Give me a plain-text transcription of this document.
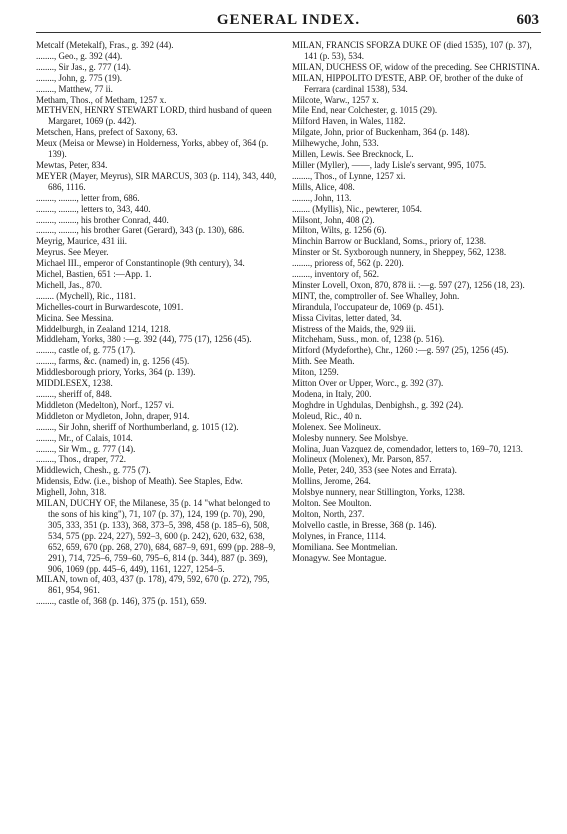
GENERAL INDEX.	603

Metcalf (Metekalf), Fras., g. 392 (44).

........, Geo., g. 392 (44).

........, Sir Jas., g. 777 (14).

........, John, g. 775 (19).

........, Matthew, 77 ii.

Metham, Thos., of Metham, 1257 x.

METHVEN, HENRY STEWART LORD, third husband of queen Margaret, 1069 (p. 442).

Metschen, Hans, prefect of Saxony, 63.

Meux (Meisa or Mewse) in Holderness, Yorks, abbey of, 364 (p. 139).

Mewtas, Peter, 834.

MEYER (Mayer, Meyrus), SIR MARCUS, 303 (p. 114), 343, 440, 686, 1116.

........, ........, letter from, 686.

........, ........, letters to, 343, 440.

........, ........, his brother Conrad, 440.

........, ........, his brother Garet (Gerard), 343 (p. 130), 686.

Meyrig, Maurice, 431 iii.

Meyrus. See Meyer.

Michael III., emperor of Constantinople (9th century), 34.

Michel, Bastien, 651 :—App. 1.

Michell, Jas., 870.

........ (Mychell), Ric., 1181.

Michelles-court in Burwardescote, 1091.

Micina. See Messina.

Middelburgh, in Zealand 1214, 1218.

Middleham, Yorks, 380 :—g. 392 (44), 775 (17), 1256 (45).

........, castle of, g. 775 (17).

........, farms, &c. (named) in, g. 1256 (45).

Middlesborough priory, Yorks, 364 (p. 139).

MIDDLESEX, 1238.

........, sheriff of, 848.

Middleton (Medelton), Norf., 1257 vi.

Middleton or Mydleton, John, draper, 914.

........, Sir John, sheriff of Northumberland, g. 1015 (12).

........, Mr., of Calais, 1014.

........, Sir Wm., g. 777 (14).

........, Thos., draper, 772.

Middlewich, Chesh., g. 775 (7).

Midensis, Edw. (i.e., bishop of Meath). See Staples, Edw.

Mighell, John, 318.

MILAN, DUCHY OF, the Milanese, 35 (p. 14 "what belonged to the sons of his king"), 71, 107 (p. 37), 124, 199 (p. 70), 290, 305, 333, 351 (p. 133), 368, 373–5, 398, 458 (p. 185–6), 508, 534, 575 (pp. 224, 227), 592–3, 600 (p. 242), 620, 632, 638, 652, 659, 670 (pp. 268, 270), 684, 687–9, 691, 699 (pp. 288–9, 291), 714, 725–6, 759–60, 795–6, 814 (p. 344), 887 (p. 369), 906, 1069 (pp. 445–6, 449), 1161, 1227, 1254–5.

MILAN, town of, 403, 437 (p. 178), 479, 592, 670 (p. 272), 795, 861, 954, 961.

........, castle of, 368 (p. 146), 375 (p. 151), 659.

MILAN, FRANCIS SFORZA DUKE OF (died 1535), 107 (p. 37), 141 (p. 53), 534.

MILAN, DUCHESS OF, widow of the preceding. See CHRISTINA.

MILAN, HIPPOLITO D'ESTE, ABP. OF, brother of the duke of Ferrara (cardinal 1538), 534.

Milcote, Warw., 1257 x.

Mile End, near Colchester, g. 1015 (29).

Milford Haven, in Wales, 1182.

Milgate, John, prior of Buckenham, 364 (p. 148).

Milhewyche, John, 533.

Millen, Lewis. See Brecknock, L.

Miller (Myller), ——, lady Lisle's servant, 995, 1075.

........, Thos., of Lynne, 1257 xi.

Mills, Alice, 408.

........, John, 113.

........ (Myllis), Nic., pewterer, 1054.

Milsont, John, 408 (2).

Milton, Wilts, g. 1256 (6).

Minchin Barrow or Buckland, Soms., priory of, 1238.

Minster or St. Syxborough nunnery, in Sheppey, 562, 1238.

........, prioress of, 562 (p. 220).

........, inventory of, 562.

Minster Lovell, Oxon, 870, 878 ii. :—g. 597 (27), 1256 (18, 23).

MINT, the, comptroller of. See Whalley, John.

Mirandula, l'occupateur de, 1069 (p. 451).

Missa Civitas, letter dated, 34.

Mistress of the Maids, the, 929 iii.

Mitcheham, Suss., mon. of, 1238 (p. 516).

Mitford (Mydeforthe), Chr., 1260 :—g. 597 (25), 1256 (45).

Mith. See Meath.

Miton, 1259.

Mitton Over or Upper, Worc., g. 392 (37).

Modena, in Italy, 200.

Moghdre in Ughdulas, Denbighsh., g. 392 (24).

Moleud, Ric., 40 n.

Molenex. See Molineux.

Molesby nunnery. See Molsbye.

Molina, Juan Vazquez de, comendador, letters to, 169–70, 1213.

Molineux (Molenex), Mr. Parson, 857.

Molle, Peter, 240, 353 (see Notes and Errata).

Mollins, Jerome, 264.

Molsbye nunnery, near Stillington, Yorks, 1238.

Molton. See Moulton.

Molton, North, 237.

Molvello castle, in Bresse, 368 (p. 146).

Molynes, in France, 1114.

Momiliana. See Montmelian.

Monagyw. See Montague.
